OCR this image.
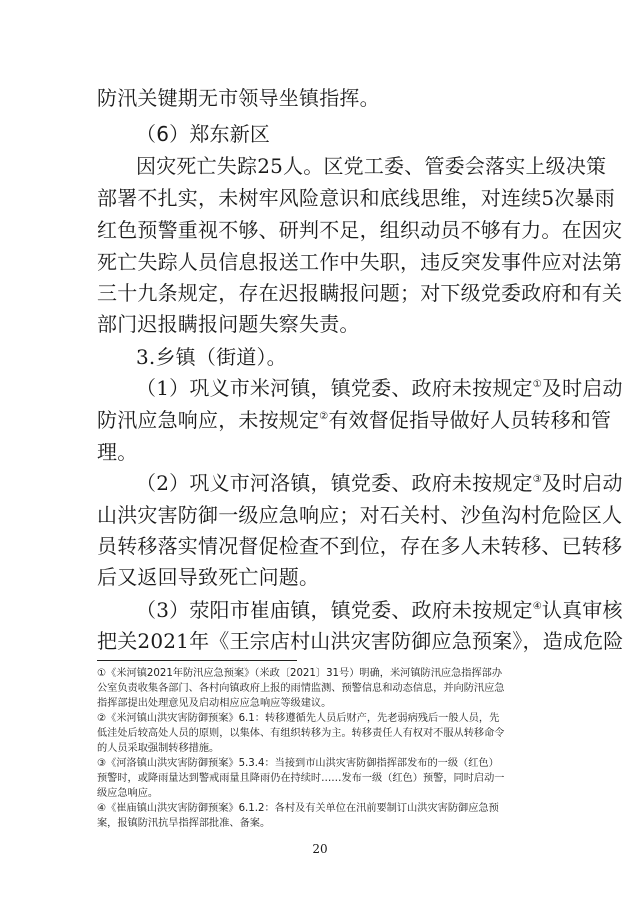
防汛关键期无市领导坐镇指挥。
（6）郑东新区
因灾死亡失踪25人。区党工委、管委会落实上级决策
部署不扎实，未树牢风险意识和底线思维，对连续5次暴雨
红色预警重视不够、研判不足，组织动员不够有力。在因灾
死亡失踪人员信息报送工作中失职，违反突发事件应对法第
三十九条规定，存在迟报瞒报问题；对下级党委政府和有关
部门迟报瞒报问题失察失责。
3.乡镇（街道）。
（1）巩义市米河镇，镇党委、政府未按规定①及时启动
防汛应急响应，未按规定②有效督促指导做好人员转移和管
理。
（2）巩义市河洛镇，镇党委、政府未按规定③及时启动
山洪灾害防御一级应急响应；对石关村、沙鱼沟村危险区人
员转移落实情况督促检查不到位，存在多人未转移、已转移
后又返回导致死亡问题。
（3）荥阳市崔庙镇，镇党委、政府未按规定④认真审核
把关2021年《王宗店村山洪灾害防御应急预案》，造成危险
①《米河镇2021年防汛应急预案》（米政〔2021〕31号）明确，米河镇防汛应急指挥部办
公室负责收集各部门、各村向镇政府上报的雨情监测、预警信息和动态信息，并向防汛应急
指挥部提出处理意见及启动相应应急响应等级建议。
②《米河镇山洪灾害防御预案》6.1：转移遵循先人员后财产，先老弱病残后一般人员，先
低洼处后较高处人员的原则，以集体、有组织转移为主。转移责任人有权对不服从转移命令
的人员采取强制转移措施。
③《河洛镇山洪灾害防御预案》5.3.4：当接到市山洪灾害防御指挥部发布的一级（红色）
预警时，或降雨量达到警戒雨量且降雨仍在持续时……发布一级（红色）预警，同时启动一
级应急响应。
④《崔庙镇山洪灾害防御预案》6.1.2：各村及有关单位在汛前要制订山洪灾害防御应急预
案，报镇防汛抗旱指挥部批准、备案。
20
